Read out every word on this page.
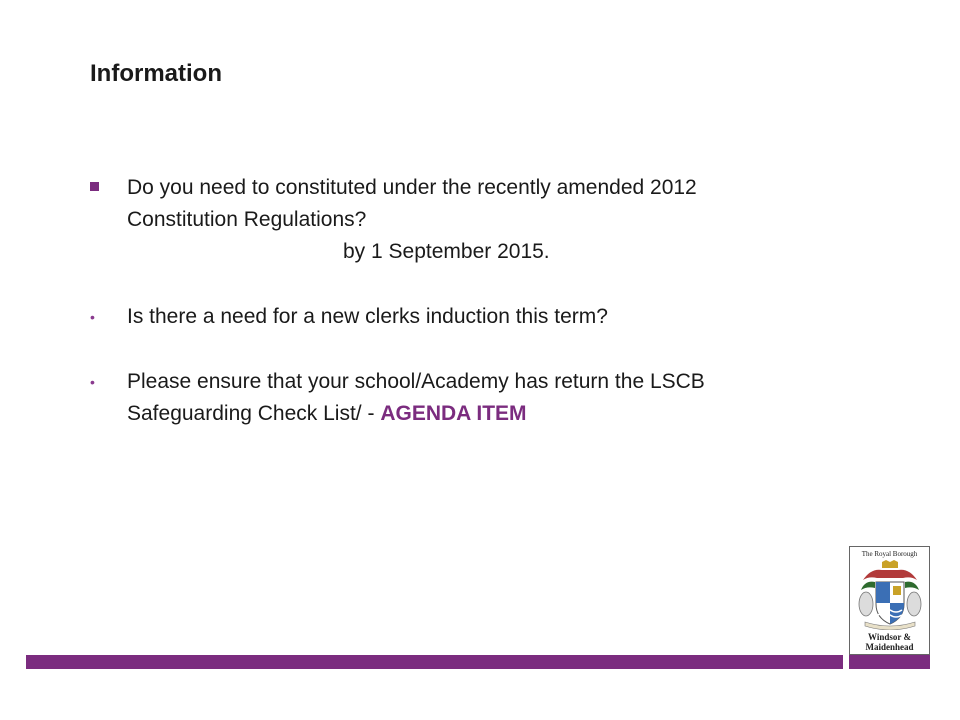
Information
Do you need to constituted under the recently amended 2012
Constitution Regulations?
by 1 September 2015.
• Is there a need for a new clerks induction this term?
• Please ensure that your school/Academy has return the LSCB
Safeguarding Check List/ - AGENDA ITEM
The Royal Borough
Windsor &
Maidenhead
